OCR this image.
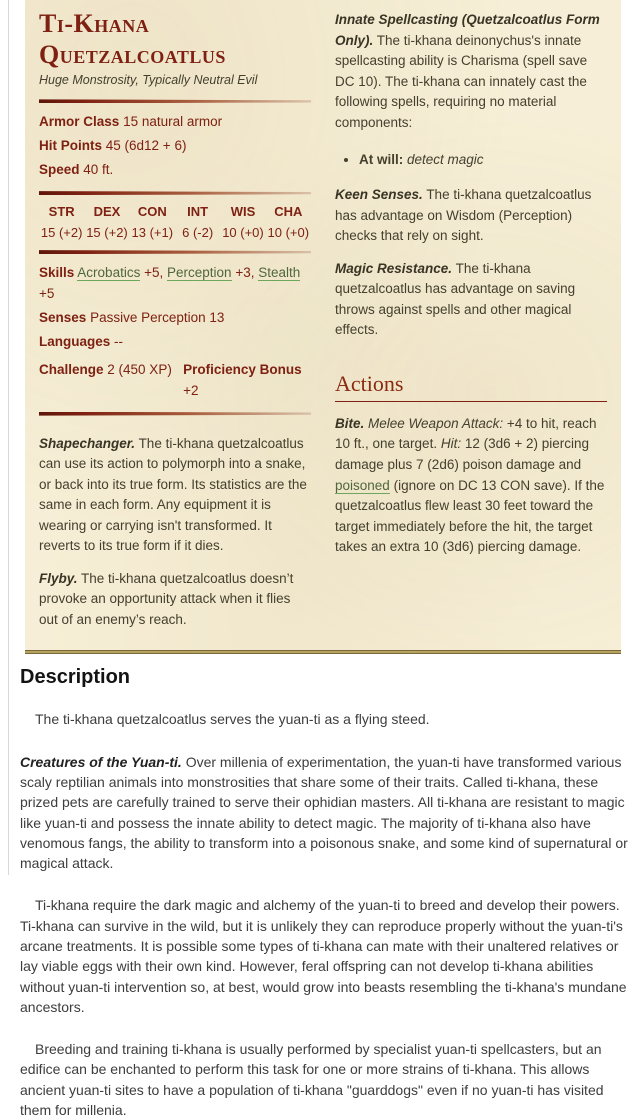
Ti-Khana Quetzalcoatlus

Huge Monstrosity, Typically Neutral Evil

Armor Class 15 natural armor

Hit Points 45 (6d12 + 6)

Speed 40 ft.

STR
15 (+2)
DEX
15 (+2)
CON
13 (+1)
INT
6 (-2)
WIS
10 (+0)
CHA
10 (+0)

Skills Acrobatics +5, Perception +3, Stealth +5

Senses Passive Perception 13

Languages --

Challenge 2 (450 XP) Proficiency Bonus +2

Shapechanger. The ti-khana quetzalcoatlus can use its action to polymorph into a snake, or back into its true form. Its statistics are the same in each form. Any equipment it is wearing or carrying isn't transformed. It reverts to its true form if it dies.

Flyby. The ti-khana quetzalcoatlus doesn’t provoke an opportunity attack when it flies out of an enemy’s reach.

Innate Spellcasting (Quetzalcoatlus Form Only). The ti-khana deinonychus's innate spellcasting ability is Charisma (spell save DC 10). The ti-khana can innately cast the following spells, requiring no material components:

• At will: detect magic

Keen Senses. The ti-khana quetzalcoatlus has advantage on Wisdom (Perception) checks that rely on sight.

Magic Resistance. The ti-khana quetzalcoatlus has advantage on saving throws against spells and other magical effects.

Actions

Bite. Melee Weapon Attack: +4 to hit, reach 10 ft., one target. Hit: 12 (3d6 + 2) piercing damage plus 7 (2d6) poison damage and poisoned (ignore on DC 13 CON save). If the quetzalcoatlus flew least 30 feet toward the target immediately before the hit, the target takes an extra 10 (3d6) piercing damage.

Description

The ti-khana quetzalcoatlus serves the yuan-ti as a flying steed.

Creatures of the Yuan-ti. Over millenia of experimentation, the yuan-ti have transformed various scaly reptilian animals into monstrosities that share some of their traits. Called ti-khana, these prized pets are carefully trained to serve their ophidian masters. All ti-khana are resistant to magic like yuan-ti and possess the innate ability to detect magic. The majority of ti-khana also have venomous fangs, the ability to transform into a poisonous snake, and some kind of supernatural or magical attack.

Ti-khana require the dark magic and alchemy of the yuan-ti to breed and develop their powers. Ti-khana can survive in the wild, but it is unlikely they can reproduce properly without the yuan-ti's arcane treatments. It is possible some types of ti-khana can mate with their unaltered relatives or lay viable eggs with their own kind. However, feral offspring can not develop ti-khana abilities without yuan-ti intervention so, at best, would grow into beasts resembling the ti-khana's mundane ancestors.

Breeding and training ti-khana is usually performed by specialist yuan-ti spellcasters, but an edifice can be enchanted to perform this task for one or more strains of ti-khana. This allows ancient yuan-ti sites to have a population of ti-khana "guarddogs" even if no yuan-ti has visited them for millenia.
